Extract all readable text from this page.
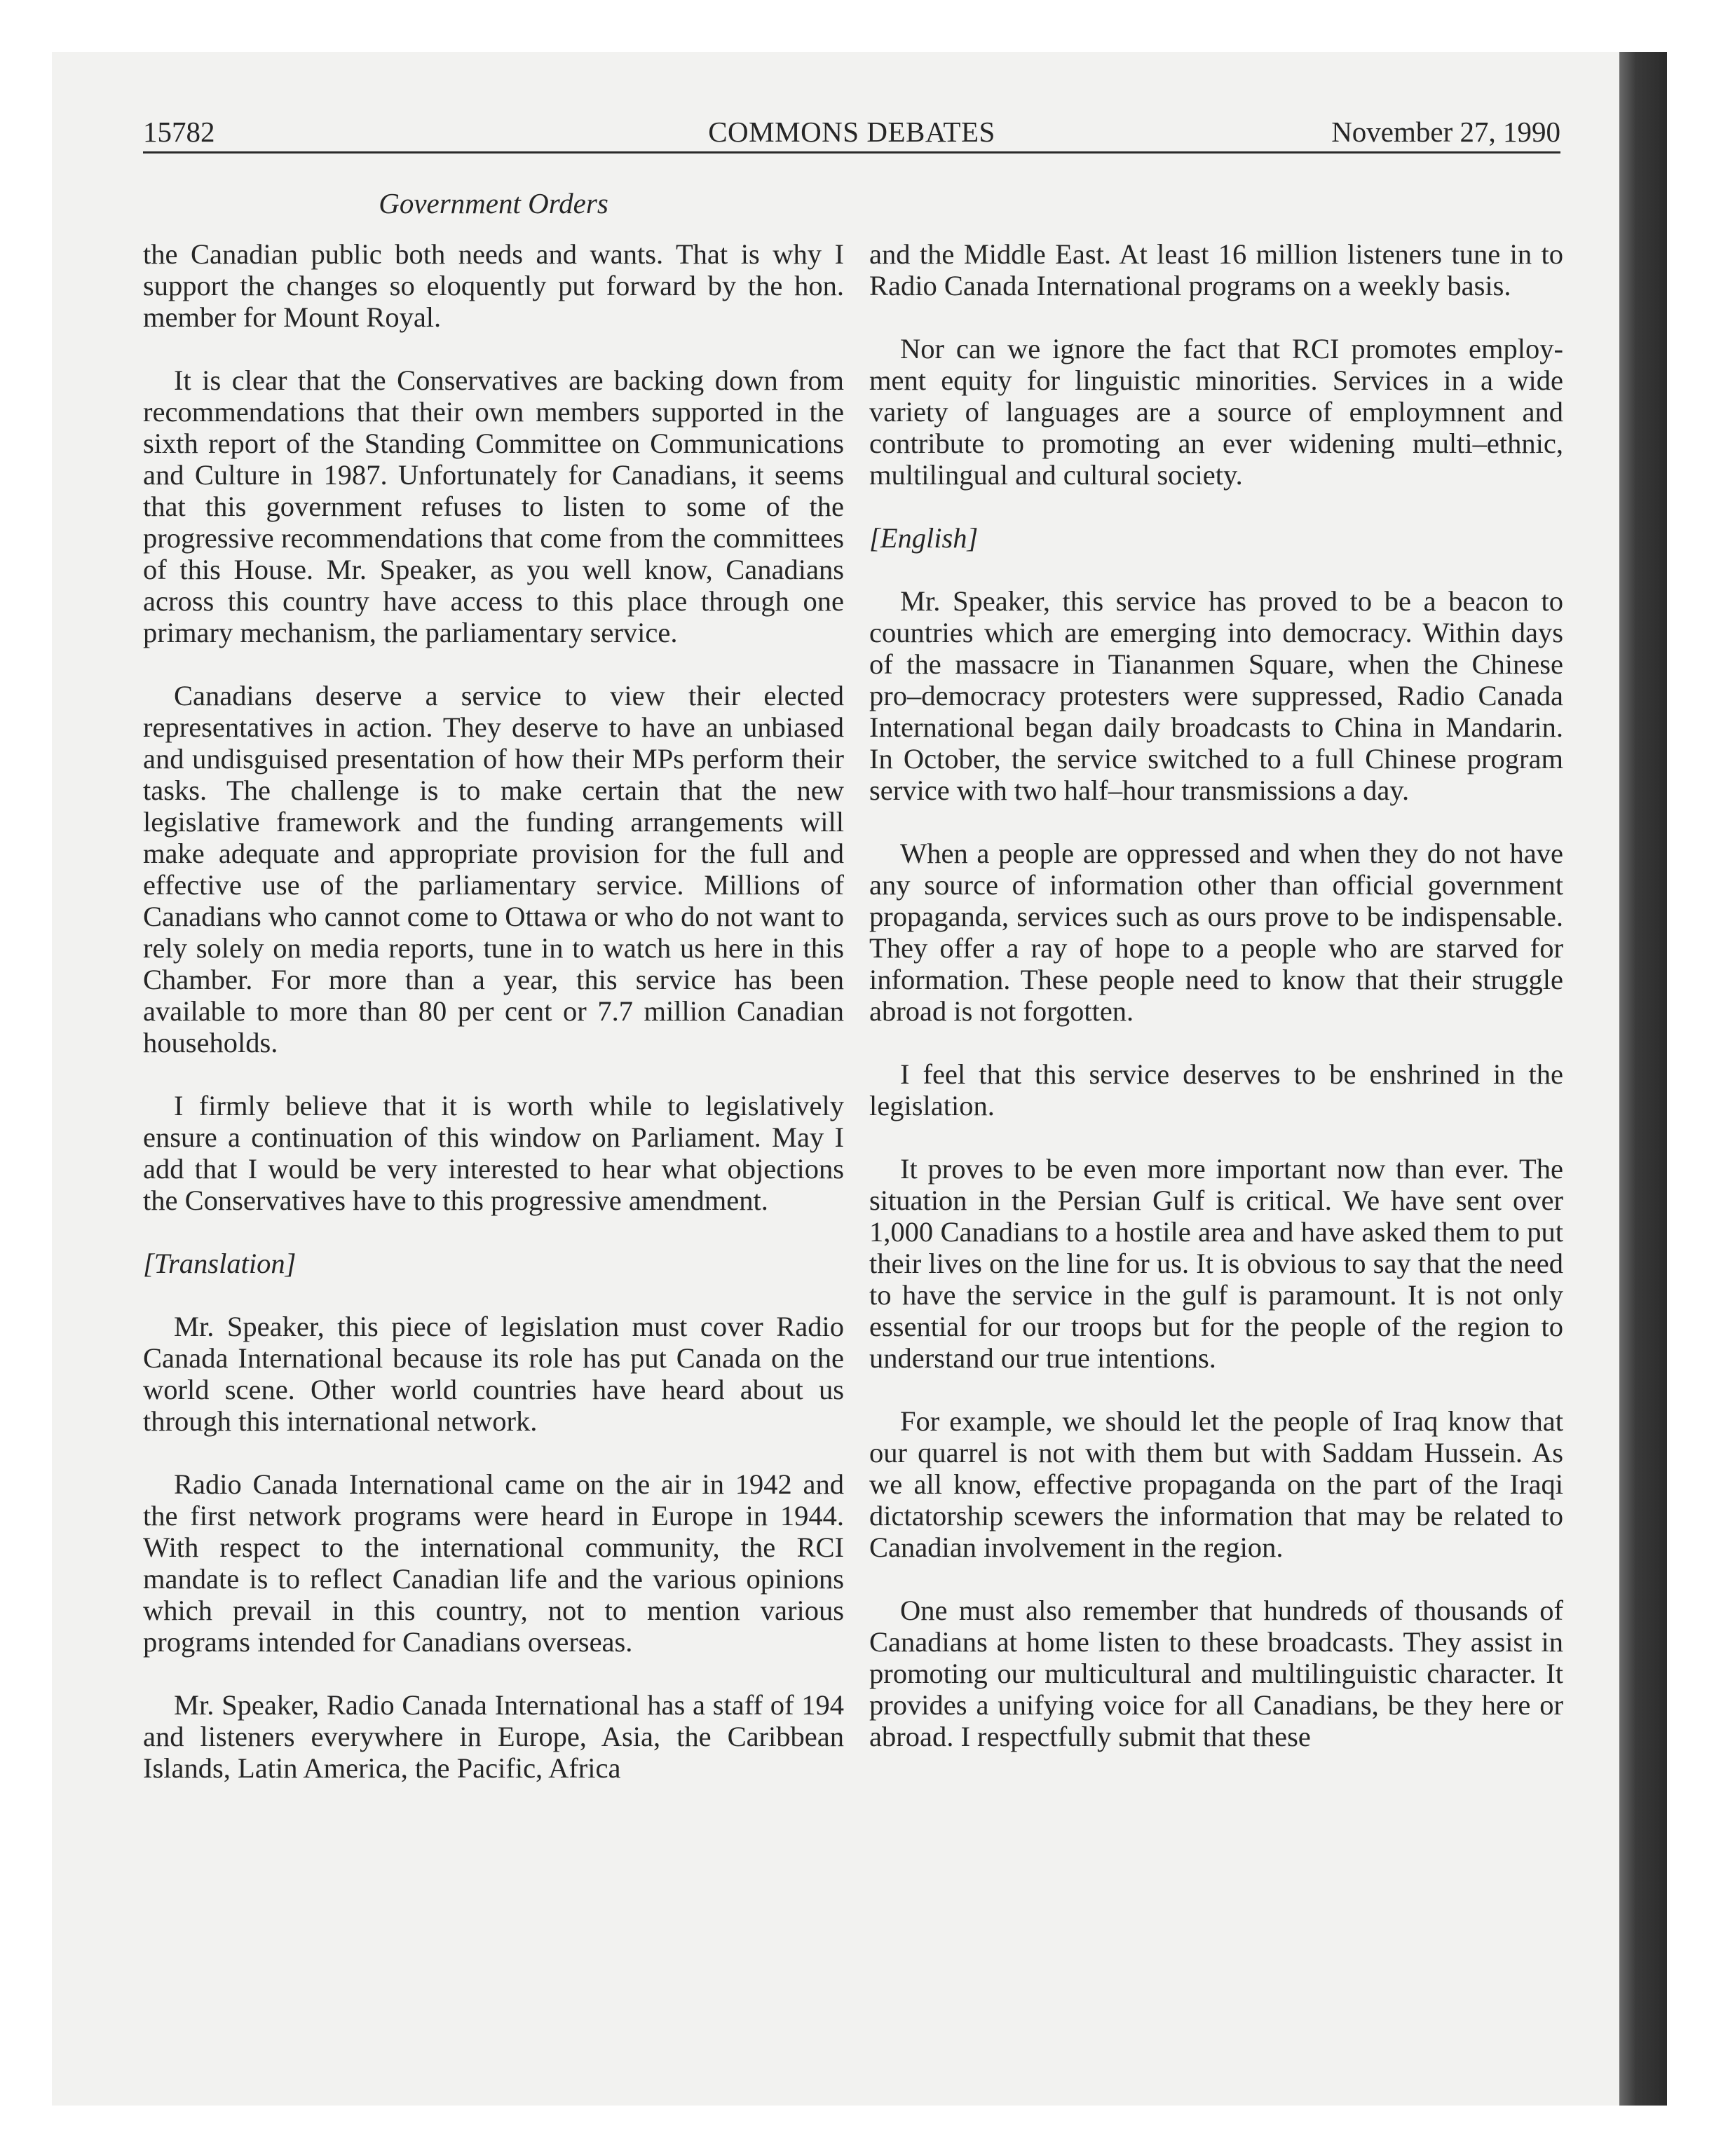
15782	COMMONS DEBATES	November 27, 1990
Government Orders

the Canadian public both needs and wants. That is why I support the changes so eloquently put forward by the hon. member for Mount Royal.

It is clear that the Conservatives are backing down from recommendations that their own members supported in the sixth report of the Standing Committee on Communications and Culture in 1987. Unfortunately for Canadians, it seems that this government refuses to listen to some of the progressive recommendations that come from the committees of this House. Mr. Speaker, as you well know, Canadians across this country have access to this place through one primary mechanism, the parliamentary service.

Canadians deserve a service to view their elected representatives in action. They deserve to have an unbiased and undisguised presentation of how their MPs perform their tasks. The challenge is to make certain that the new legislative framework and the funding arrangements will make adequate and appropriate provision for the full and effective use of the parliamentary service. Millions of Canadians who cannot come to Ottawa or who do not want to rely solely on media reports, tune in to watch us here in this Chamber. For more than a year, this service has been available to more than 80 per cent or 7.7 million Canadian households.

I firmly believe that it is worth while to legislatively ensure a continuation of this window on Parliament. May I add that I would be very interested to hear what objections the Conservatives have to this progressive amendment.

[Translation]

Mr. Speaker, this piece of legislation must cover Radio Canada International because its role has put Canada on the world scene. Other world countries have heard about us through this international network.

Radio Canada International came on the air in 1942 and the first network programs were heard in Europe in 1944. With respect to the international community, the RCI mandate is to reflect Canadian life and the various opinions which prevail in this country, not to mention various programs intended for Canadians overseas.

Mr. Speaker, Radio Canada International has a staff of 194 and listeners everywhere in Europe, Asia, the Caribbean Islands, Latin America, the Pacific, Africa

and the Middle East. At least 16 million listeners tune in to Radio Canada International programs on a weekly basis.

Nor can we ignore the fact that RCI promotes employment equity for linguistic minorities. Services in a wide variety of languages are a source of employmnent and contribute to promoting an ever widening multi–ethnic, multilingual and cultural society.

[English]

Mr. Speaker, this service has proved to be a beacon to countries which are emerging into democracy. Within days of the massacre in Tiananmen Square, when the Chinese pro–democracy protesters were suppressed, Radio Canada International began daily broadcasts to China in Mandarin. In October, the service switched to a full Chinese program service with two half–hour transmissions a day.

When a people are oppressed and when they do not have any source of information other than official government propaganda, services such as ours prove to be indispensable. They offer a ray of hope to a people who are starved for information. These people need to know that their struggle abroad is not forgotten.

I feel that this service deserves to be enshrined in the legislation.

It proves to be even more important now than ever. The situation in the Persian Gulf is critical. We have sent over 1,000 Canadians to a hostile area and have asked them to put their lives on the line for us. It is obvious to say that the need to have the service in the gulf is paramount. It is not only essential for our troops but for the people of the region to understand our true intentions.

For example, we should let the people of Iraq know that our quarrel is not with them but with Saddam Hussein. As we all know, effective propaganda on the part of the Iraqi dictatorship scewers the information that may be related to Canadian involvement in the region.

One must also remember that hundreds of thousands of Canadians at home listen to these broadcasts. They assist in promoting our multicultural and multilinguistic character. It provides a unifying voice for all Canadians, be they here or abroad. I respectfully submit that these
